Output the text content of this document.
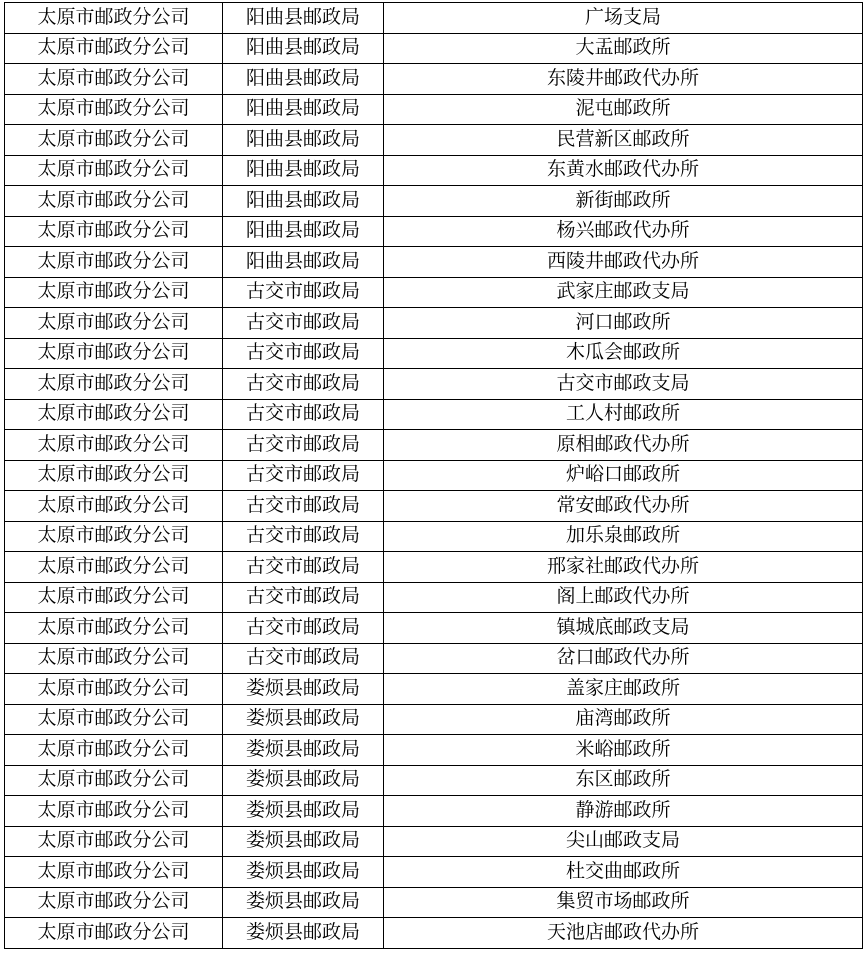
太原市邮政分公司	阳曲县邮政局	广场支局
太原市邮政分公司	阳曲县邮政局	大盂邮政所
太原市邮政分公司	阳曲县邮政局	东陵井邮政代办所
太原市邮政分公司	阳曲县邮政局	泥屯邮政所
太原市邮政分公司	阳曲县邮政局	民营新区邮政所
太原市邮政分公司	阳曲县邮政局	东黄水邮政代办所
太原市邮政分公司	阳曲县邮政局	新街邮政所
太原市邮政分公司	阳曲县邮政局	杨兴邮政代办所
太原市邮政分公司	阳曲县邮政局	西陵井邮政代办所
太原市邮政分公司	古交市邮政局	武家庄邮政支局
太原市邮政分公司	古交市邮政局	河口邮政所
太原市邮政分公司	古交市邮政局	木瓜会邮政所
太原市邮政分公司	古交市邮政局	古交市邮政支局
太原市邮政分公司	古交市邮政局	工人村邮政所
太原市邮政分公司	古交市邮政局	原相邮政代办所
太原市邮政分公司	古交市邮政局	炉峪口邮政所
太原市邮政分公司	古交市邮政局	常安邮政代办所
太原市邮政分公司	古交市邮政局	加乐泉邮政所
太原市邮政分公司	古交市邮政局	邢家社邮政代办所
太原市邮政分公司	古交市邮政局	阁上邮政代办所
太原市邮政分公司	古交市邮政局	镇城底邮政支局
太原市邮政分公司	古交市邮政局	岔口邮政代办所
太原市邮政分公司	娄烦县邮政局	盖家庄邮政所
太原市邮政分公司	娄烦县邮政局	庙湾邮政所
太原市邮政分公司	娄烦县邮政局	米峪邮政所
太原市邮政分公司	娄烦县邮政局	东区邮政所
太原市邮政分公司	娄烦县邮政局	静游邮政所
太原市邮政分公司	娄烦县邮政局	尖山邮政支局
太原市邮政分公司	娄烦县邮政局	杜交曲邮政所
太原市邮政分公司	娄烦县邮政局	集贸市场邮政所
太原市邮政分公司	娄烦县邮政局	天池店邮政代办所
